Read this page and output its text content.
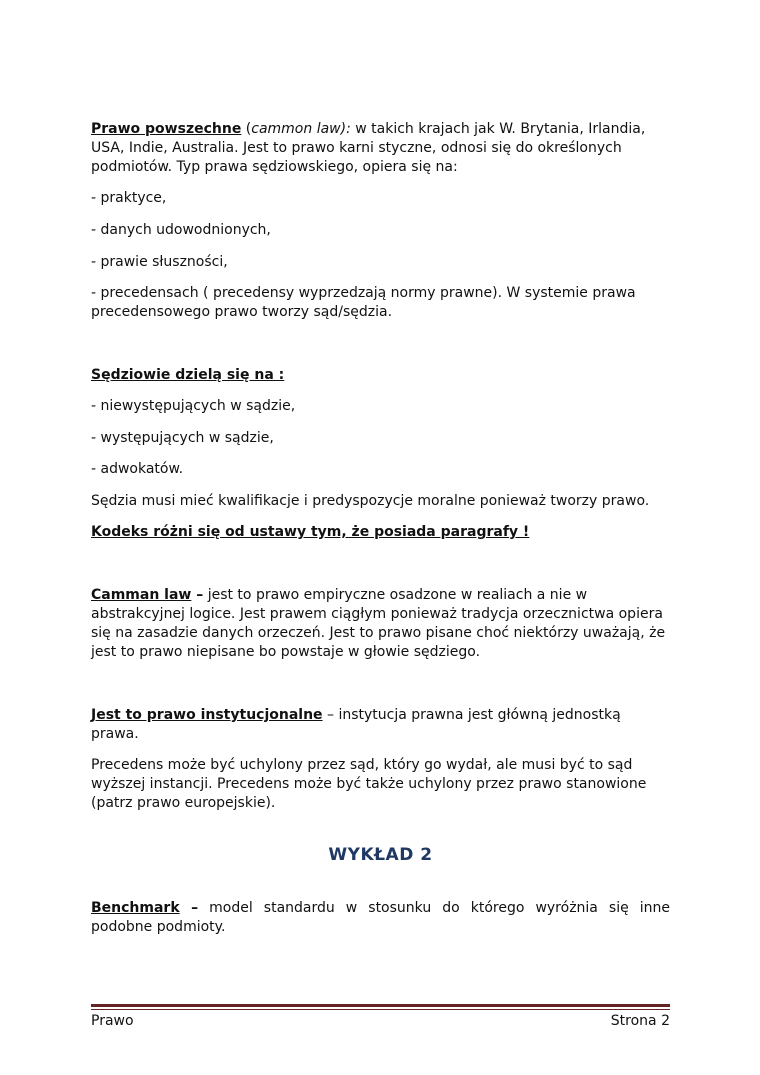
Prawo powszechne (cammon law): w takich krajach jak W. Brytania, Irlandia, USA, Indie, Australia. Jest to prawo karni styczne, odnosi się do określonych podmiotów. Typ prawa sędziowskiego, opiera się na:

- praktyce,

- danych udowodnionych,

- prawie słuszności,

- precedensach ( precedensy wyprzedzają normy prawne). W systemie prawa precedensowego prawo tworzy sąd/sędzia.

Sędziowie dzielą się na :

- niewystępujących w sądzie,

- występujących w sądzie,

- adwokatów.

Sędzia musi mieć kwalifikacje i predyspozycje moralne ponieważ tworzy prawo.

Kodeks różni się od ustawy tym, że posiada paragrafy !

Camman law – jest to prawo empiryczne osadzone w realiach a nie w abstrakcyjnej logice. Jest prawem ciągłym ponieważ tradycja orzecznictwa opiera się na zasadzie danych orzeczeń. Jest to prawo pisane choć niektórzy uważają, że jest to prawo niepisane bo powstaje w głowie sędziego.

Jest to prawo instytucjonalne – instytucja prawna jest główną jednostką prawa.

Precedens może być uchylony przez sąd, który go wydał, ale musi być to sąd wyższej instancji. Precedens może być także uchylony przez prawo stanowione (patrz prawo europejskie).

WYKŁAD 2

Benchmark – model standardu w stosunku do którego wyróżnia się inne

podobne podmioty.

Prawo	Strona 2
